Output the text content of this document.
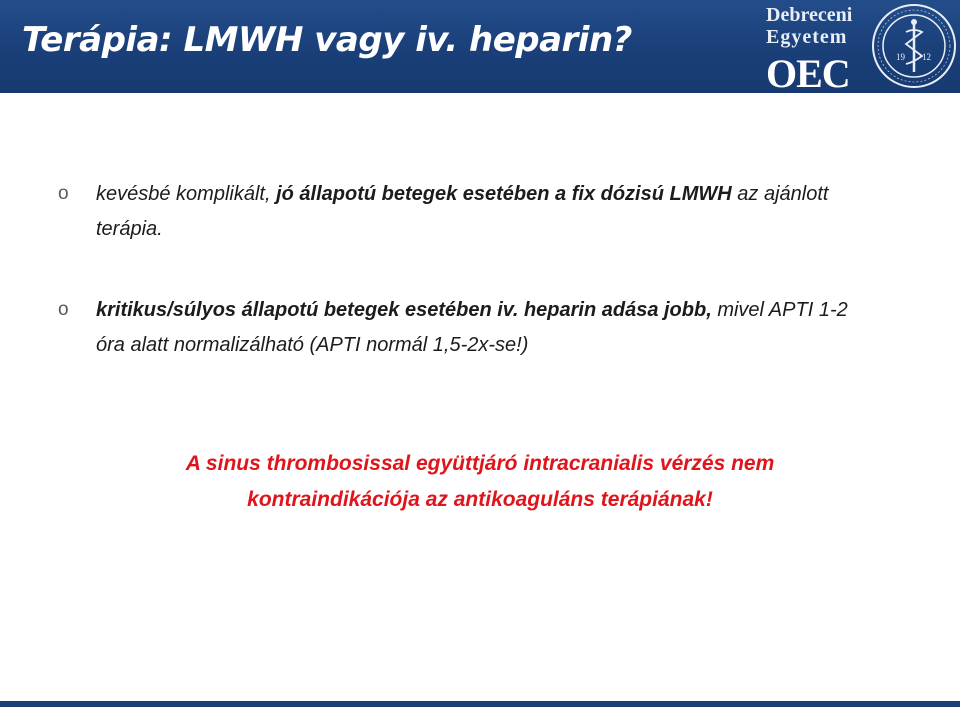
Terápia: LMWH vagy iv. heparin?
Debreceni
Egyetem
OEC	19 12
o kevésbé komplikált, jó állapotú betegek esetében a fix dózisú LMWH az ajánlott terápia.
o kritikus/súlyos állapotú betegek esetében iv. heparin adása jobb, mivel APTI 1-2 óra alatt normalizálható (APTI normál 1,5-2x-se!)
A sinus thrombosissal együttjáró intracranialis vérzés nem
kontraindikációja az antikoaguláns terápiának!
